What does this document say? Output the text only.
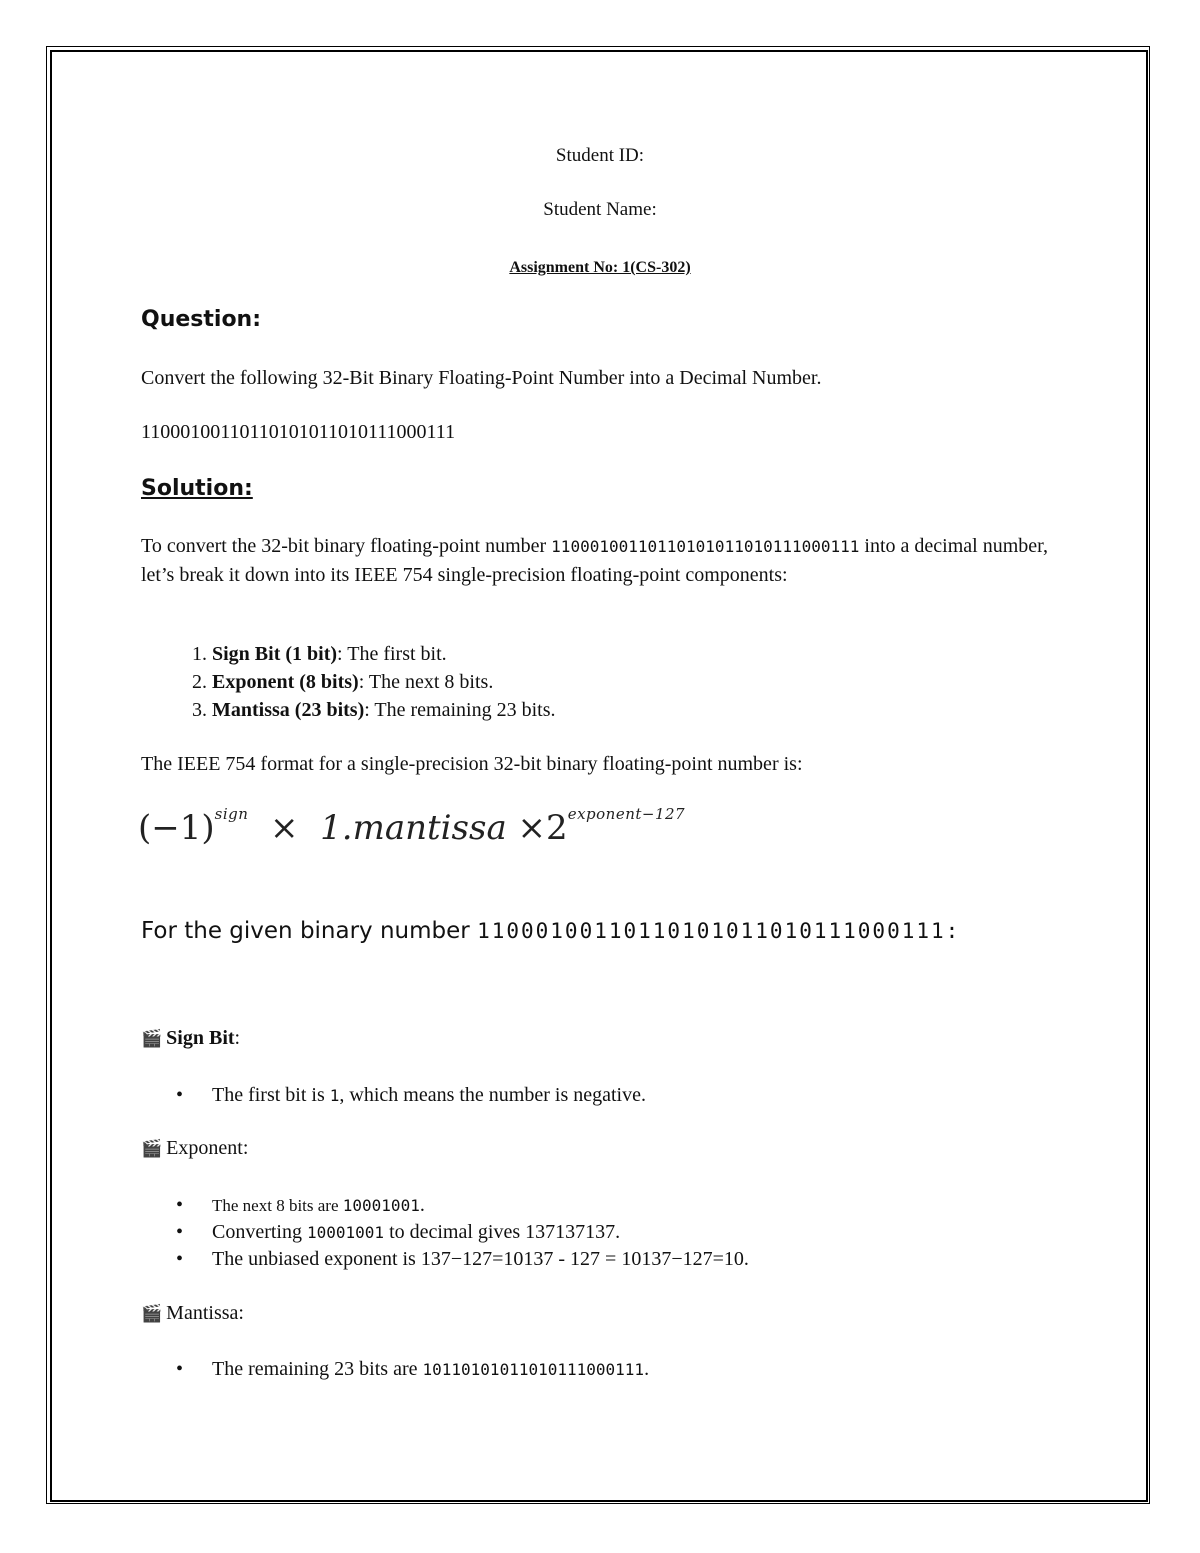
Student ID:
Student Name:
Assignment No: 1(CS-302)
Question:
Convert the following 32-Bit Binary Floating-Point Number into a Decimal Number.
11000100110110101011010111000111
Solution:
To convert the 32-bit binary floating-point number 11000100110110101011010111000111 into a decimal number, let’s break it down into its IEEE 754 single-precision floating-point components:
1. Sign Bit (1 bit): The first bit.
2. Exponent (8 bits): The next 8 bits.
3. Mantissa (23 bits): The remaining 23 bits.
The IEEE 754 format for a single-precision 32-bit binary floating-point number is:
$(-1)^{sign}$ × 1.mantissa $\times 2^{exponent-127}$
For the given binary number 11000100110110101011010111000111:
🎬 Sign Bit:
• The first bit is 1, which means the number is negative.
🎬 Exponent:
• The next 8 bits are 10001001.
• Converting 10001001 to decimal gives 137137137.
• The unbiased exponent is 137−127=10137 - 127 = 10137−127=10.
🎬 Mantissa:
• The remaining 23 bits are 10110101011010111000111.
